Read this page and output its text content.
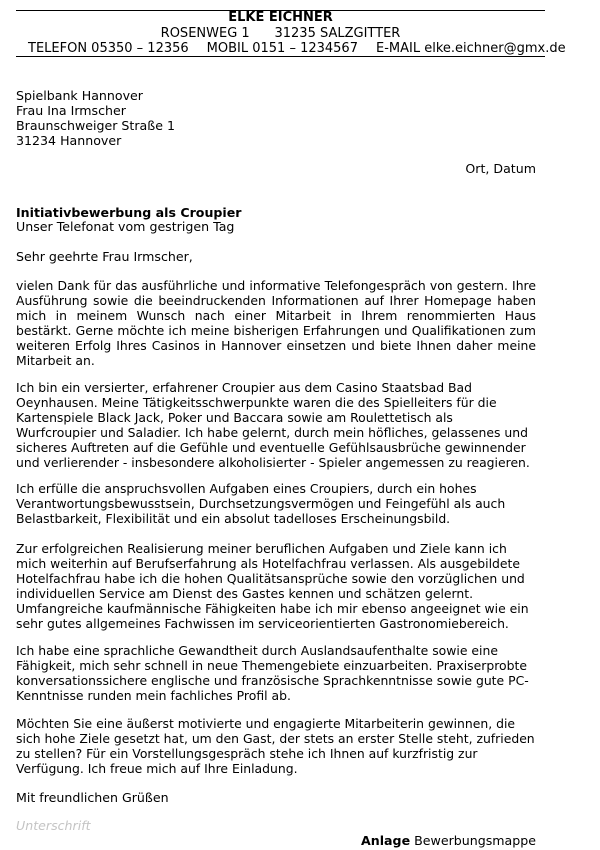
ELKE EICHNER
ROSENWEG 1 31235 SALZGITTER
TELEFON 05350 – 12356 MOBIL 0151 – 1234567 E-MAIL elke.eichner@gmx.de
Spielbank Hannover
Frau Ina Irmscher
Braunschweiger Straße 1
31234 Hannover
Ort, Datum
Initiativbewerbung als Croupier
Unser Telefonat vom gestrigen Tag
Sehr geehrte Frau Irmscher,
vielen Dank für das ausführliche und informative Telefongespräch von gestern. Ihre Ausführung sowie die beeindruckenden Informationen auf Ihrer Homepage haben mich in meinem Wunsch nach einer Mitarbeit in Ihrem renommierten Haus bestärkt. Gerne möchte ich meine bisherigen Erfahrungen und Qualifikationen zum weiteren Erfolg Ihres Casinos in Hannover einsetzen und biete Ihnen daher meine Mitarbeit an.
Ich bin ein versierter, erfahrener Croupier aus dem Casino Staatsbad Bad Oeynhausen. Meine Tätigkeitsschwerpunkte waren die des Spielleiters für die Kartenspiele Black Jack, Poker und Baccara sowie am Roulettetisch als Wurfcroupier und Saladier. Ich habe gelernt, durch mein höfliches, gelassenes und sicheres Auftreten auf die Gefühle und eventuelle Gefühlsausbrüche gewinnender und verlierender - insbesondere alkoholisierter - Spieler angemessen zu reagieren.
Ich erfülle die anspruchsvollen Aufgaben eines Croupiers, durch ein hohes Verantwortungsbewusstsein, Durchsetzungsvermögen und Feingefühl als auch Belastbarkeit, Flexibilität und ein absolut tadelloses Erscheinungsbild.
Zur erfolgreichen Realisierung meiner beruflichen Aufgaben und Ziele kann ich mich weiterhin auf Berufserfahrung als Hotelfachfrau verlassen. Als ausgebildete Hotelfachfrau habe ich die hohen Qualitätsansprüche sowie den vorzüglichen und individuellen Service am Dienst des Gastes kennen und schätzen gelernt. Umfangreiche kaufmännische Fähigkeiten habe ich mir ebenso angeeignet wie ein sehr gutes allgemeines Fachwissen im serviceorientierten Gastronomiebereich.
Ich habe eine sprachliche Gewandtheit durch Auslandsaufenthalte sowie eine Fähigkeit, mich sehr schnell in neue Themengebiete einzuarbeiten. Praxiserprobte konversationssichere englische und französische Sprachkenntnisse sowie gute PC-Kenntnisse runden mein fachliches Profil ab.
Möchten Sie eine äußerst motivierte und engagierte Mitarbeiterin gewinnen, die sich hohe Ziele gesetzt hat, um den Gast, der stets an erster Stelle steht, zufrieden zu stellen? Für ein Vorstellungsgespräch stehe ich Ihnen auf kurzfristig zur Verfügung. Ich freue mich auf Ihre Einladung.
Mit freundlichen Grüßen
Unterschrift
Anlage Bewerbungsmappe
